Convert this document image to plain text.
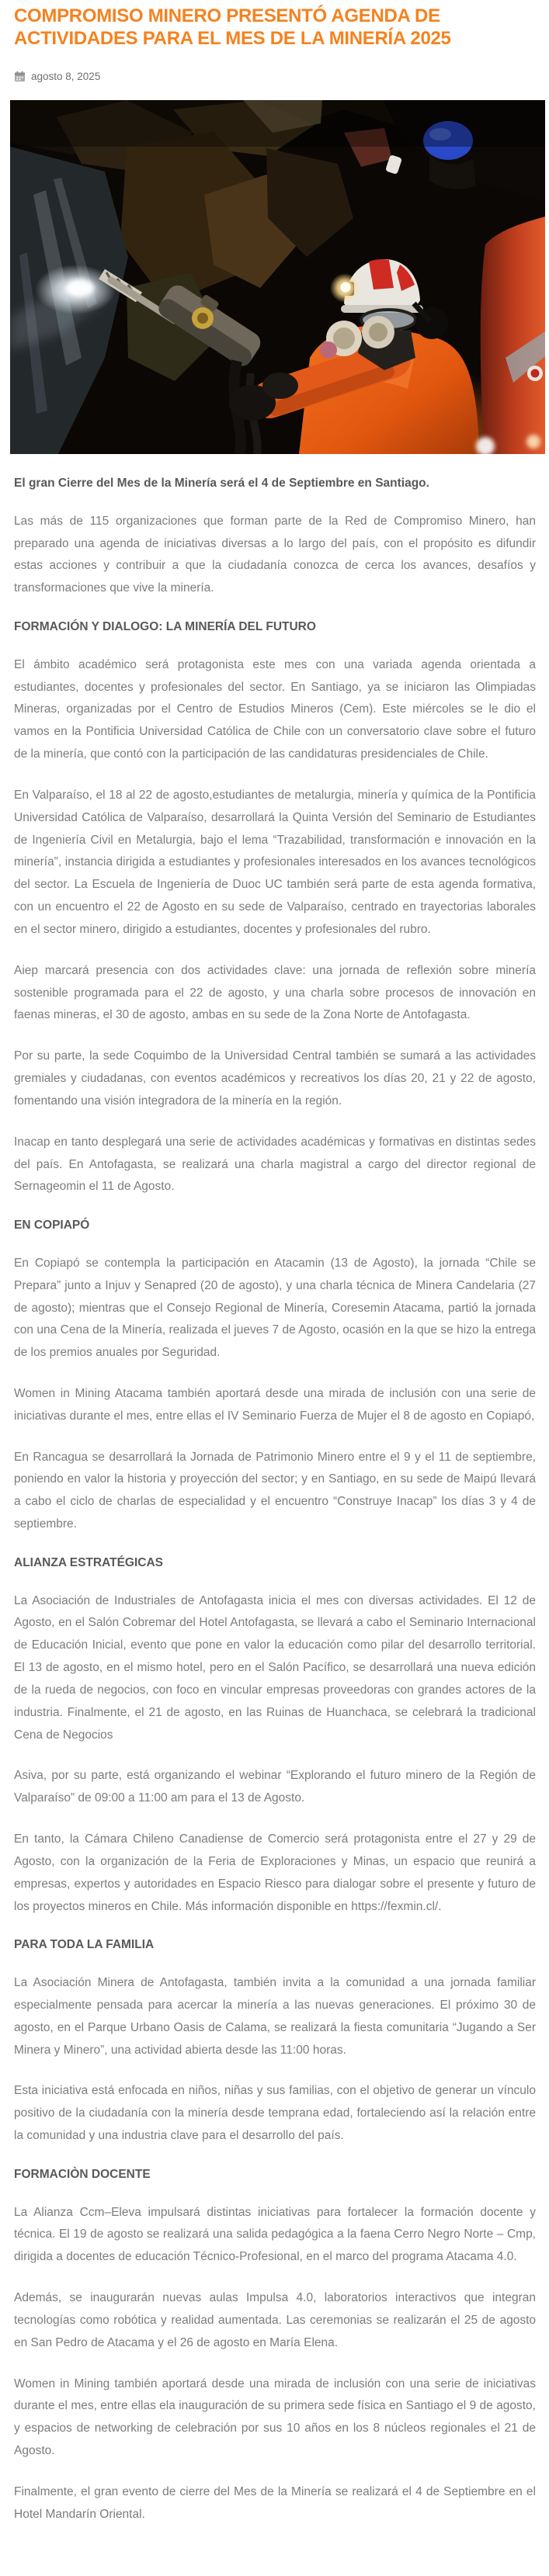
COMPROMISO MINERO PRESENTÓ AGENDA DE ACTIVIDADES PARA EL MES DE LA MINERÍA 2025
agosto 8, 2025

El gran Cierre del Mes de la Minería será el 4 de Septiembre en Santiago.

Las más de 115 organizaciones que forman parte de la Red de Compromiso Minero, han preparado una agenda de iniciativas diversas a lo largo del país, con el propósito es difundir estas acciones y contribuir a que la ciudadanía conozca de cerca los avances, desafíos y transformaciones que vive la minería.

FORMACIÓN Y DIALOGO: LA MINERÍA DEL FUTURO

El ámbito académico será protagonista este mes con una variada agenda orientada a estudiantes, docentes y profesionales del sector. En Santiago, ya se iniciaron las Olimpiadas Mineras, organizadas por el Centro de Estudios Mineros (Cem). Este miércoles se le dio el vamos en la Pontificia Universidad Católica de Chile con un conversatorio clave sobre el futuro de la minería, que contó con la participación de las candidaturas presidenciales de Chile.

En Valparaíso, el 18 al 22 de agosto,estudiantes de metalurgia, minería y química de la Pontificia Universidad Católica de Valparaíso, desarrollará la Quinta Versión del Seminario de Estudiantes de Ingeniería Civil en Metalurgia, bajo el lema “Trazabilidad, transformación e innovación en la minería”, instancia dirigida a estudiantes y profesionales interesados en los avances tecnológicos del sector. La Escuela de Ingeniería de Duoc UC también será parte de esta agenda formativa, con un encuentro el 22 de Agosto en su sede de Valparaíso, centrado en trayectorias laborales en el sector minero, dirigido a estudiantes, docentes y profesionales del rubro.

Aiep marcará presencia con dos actividades clave: una jornada de reflexión sobre minería sostenible programada para el 22 de agosto, y una charla sobre procesos de innovación en faenas mineras, el 30 de agosto, ambas en su sede de la Zona Norte de Antofagasta.

Por su parte, la sede Coquimbo de la Universidad Central también se sumará a las actividades gremiales y ciudadanas, con eventos académicos y recreativos los días 20, 21 y 22 de agosto, fomentando una visión integradora de la minería en la región.

Inacap en tanto desplegará una serie de actividades académicas y formativas en distintas sedes del país. En Antofagasta, se realizará una charla magistral a cargo del director regional de Sernageomin el 11 de Agosto.

EN COPIAPÓ

En Copiapó se contempla la participación en Atacamin (13 de Agosto), la jornada “Chile se Prepara” junto a Injuv y Senapred (20 de agosto), y una charla técnica de Minera Candelaria (27 de agosto); mientras que el Consejo Regional de Minería, Coresemin Atacama, partió la jornada con una Cena de la Minería, realizada el jueves 7 de Agosto, ocasión en la que se hizo la entrega de los premios anuales por Seguridad.

Women in Mining Atacama también aportará desde una mirada de inclusión con una serie de iniciativas durante el mes, entre ellas el IV Seminario Fuerza de Mujer el 8 de agosto en Copiapó,

En Rancagua se desarrollará la Jornada de Patrimonio Minero entre el 9 y el 11 de septiembre, poniendo en valor la historia y proyección del sector; y en Santiago, en su sede de Maipú llevará a cabo el ciclo de charlas de especialidad y el encuentro “Construye Inacap” los días 3 y 4 de septiembre.

ALIANZA ESTRATÉGICAS

La Asociación de Industriales de Antofagasta inicia el mes con diversas actividades. El 12 de Agosto, en el Salón Cobremar del Hotel Antofagasta, se llevará a cabo el Seminario Internacional de Educación Inicial, evento que pone en valor la educación como pilar del desarrollo territorial. El 13 de agosto, en el mismo hotel, pero en el Salón Pacífico, se desarrollará una nueva edición de la rueda de negocios, con foco en vincular empresas proveedoras con grandes actores de la industria. Finalmente, el 21 de agosto, en las Ruinas de Huanchaca, se celebrará la tradicional Cena de Negocios

Asiva, por su parte, está organizando el webinar “Explorando el futuro minero de la Región de Valparaíso” de 09:00 a 11:00 am para el 13 de Agosto.

En tanto, la Cámara Chileno Canadiense de Comercio será protagonista entre el 27 y 29 de Agosto, con la organización de la Feria de Exploraciones y Minas, un espacio que reunirá a empresas, expertos y autoridades en Espacio Riesco para dialogar sobre el presente y futuro de los proyectos mineros en Chile. Más información disponible en https://fexmin.cl/.

PARA TODA LA FAMILIA

La Asociación Minera de Antofagasta, también invita a la comunidad a una jornada familiar especialmente pensada para acercar la minería a las nuevas generaciones. El próximo 30 de agosto, en el Parque Urbano Oasis de Calama, se realizará la fiesta comunitaria “Jugando a Ser Minera y Minero”, una actividad abierta desde las 11:00 horas.

Esta iniciativa está enfocada en niños, niñas y sus familias, con el objetivo de generar un vínculo positivo de la ciudadanía con la minería desde temprana edad, fortaleciendo así la relación entre la comunidad y una industria clave para el desarrollo del país.

FORMACIÒN DOCENTE

La Alianza Ccm–Eleva impulsará distintas iniciativas para fortalecer la formación docente y técnica. El 19 de agosto se realizará una salida pedagógica a la faena Cerro Negro Norte – Cmp, dirigida a docentes de educación Técnico-Profesional, en el marco del programa Atacama 4.0.

Además, se inaugurarán nuevas aulas Impulsa 4.0, laboratorios interactivos que integran tecnologías como robótica y realidad aumentada. Las ceremonias se realizarán el 25 de agosto en San Pedro de Atacama y el 26 de agosto en María Elena.

Women in Mining también aportará desde una mirada de inclusión con una serie de iniciativas durante el mes, entre ellas ela inauguración de su primera sede física en Santiago el 9 de agosto, y espacios de networking de celebración por sus 10 años en los 8 núcleos regionales el 21 de Agosto.

Finalmente, el gran evento de cierre del Mes de la Minería se realizará el 4 de Septiembre en el Hotel Mandarín Oriental.
